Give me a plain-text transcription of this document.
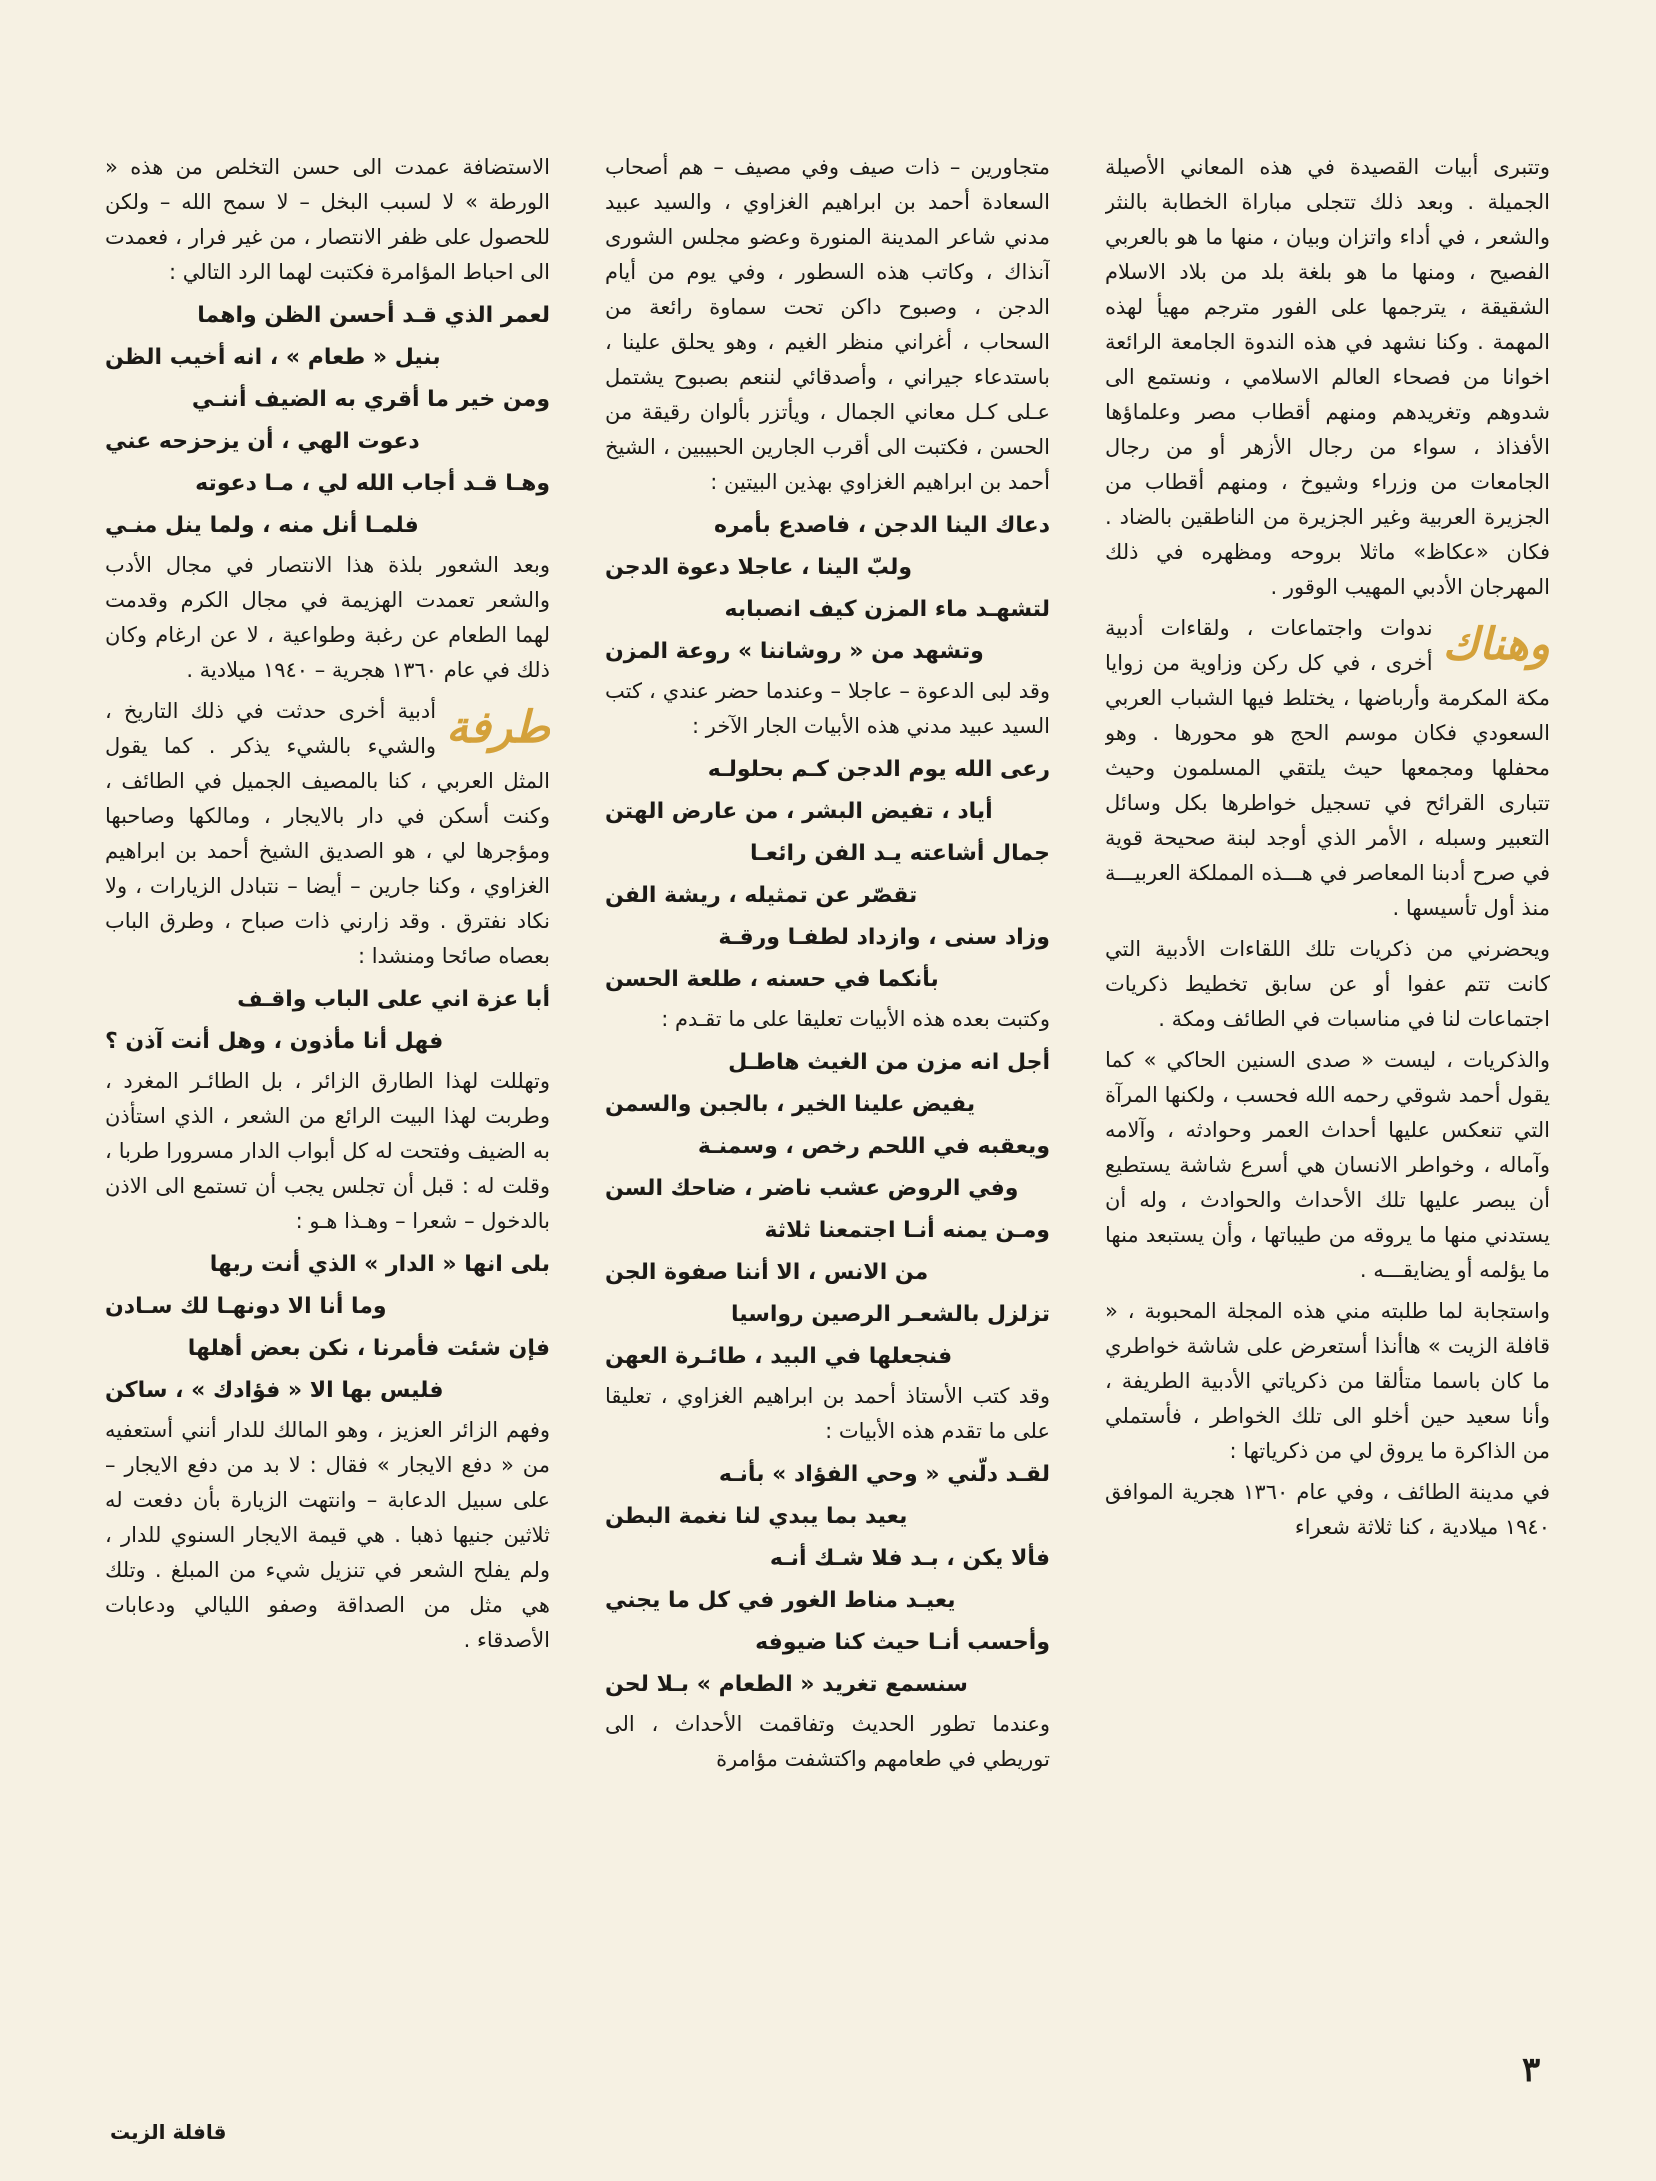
وتتبرى أبيات القصيدة في هذه المعاني الأصيلة الجميلة . وبعد ذلك تتجلى مباراة الخطابة بالنثر والشعر ، في أداء واتزان وبيان ، منها ما هو بالعربي الفصيح ، ومنها ما هو بلغة بلد من بلاد الاسلام الشقيقة ، يترجمها على الفور مترجم مهيأ لهذه المهمة . وكنا نشهد في هذه الندوة الجامعة الرائعة اخوانا من فصحاء العالم الاسلامي ، ونستمع الى شدوهم وتغريدهم ومنهم أقطاب مصر وعلماؤها الأفذاذ ، سواء من رجال الأزهر أو من رجال الجامعات من وزراء وشيوخ ، ومنهم أقطاب من الجزيرة العربية وغير الجزيرة من الناطقين بالضاد . فكان «عكاظ» ماثلا بروحه ومظهره في ذلك المهرجان الأدبي المهيب الوقور .

وهناك

ندوات واجتماعات ، ولقاءات أدبية أخرى ، في كل ركن وزاوية من زوايا مكة المكرمة وأرباضها ، يختلط فيها الشباب العربي السعودي فكان موسم الحج هو محورها . وهو محفلها ومجمعها حيث يلتقي المسلمون وحيث تتبارى القرائح في تسجيل خواطرها بكل وسائل التعبير وسبله ، الأمر الذي أوجد لبنة صحيحة قوية في صرح أدبنا المعاصر في هـــذه المملكة العربيـــة منذ أول تأسيسها .

ويحضرني من ذكريات تلك اللقاءات الأدبية التي كانت تتم عفوا أو عن سابق تخطيط ذكريات اجتماعات لنا في مناسبات في الطائف ومكة .

والذكريات ، ليست « صدى السنين الحاكي » كما يقول أحمد شوقي رحمه الله فحسب ، ولكنها المرآة التي تنعكس عليها أحداث العمر وحوادثه ، وآلامه وآماله ، وخواطر الانسان هي أسرع شاشة يستطيع أن يبصر عليها تلك الأحداث والحوادث ، وله أن يستدني منها ما يروقه من طيباتها ، وأن يستبعد منها ما يؤلمه أو يضايقـــه .

واستجابة لما طلبته مني هذه المجلة المحبوبة ، « قافلة الزيت » هاأنذا أستعرض على شاشة خواطري ما كان باسما متألقا من ذكرياتي الأدبية الطريفة ، وأنا سعيد حين أخلو الى تلك الخواطر ، فأستملي من الذاكرة ما يروق لي من ذكرياتها :

في مدينة الطائف ، وفي عام ١٣٦٠ هجرية الموافق ١٩٤٠ ميلادية ، كنا ثلاثة شعراء

متجاورين – ذات صيف وفي مصيف – هم أصحاب السعادة أحمد بن ابراهيم الغزاوي ، والسيد عبيد مدني شاعر المدينة المنورة وعضو مجلس الشورى آنذاك ، وكاتب هذه السطور ، وفي يوم من أيام الدجن ، وصبوح داكن تحت سماوة رائعة من السحاب ، أغراني منظر الغيم ، وهو يحلق علينا ، باستدعاء جيراني ، وأصدقائي لننعم بصبوح يشتمل عـلى كـل معاني الجمال ، ويأتزر بألوان رقيقة من الحسن ، فكتبت الى أقرب الجارين الحبيبين ، الشيخ أحمد بن ابراهيم الغزاوي بهذين البيتين :

دعاك الينا الدجن ، فاصدع بأمره
ولبّ الينا ، عاجلا دعوة الدجن
لتشهـد ماء المزن كيف انصبابه
وتشهد من « روشاننا » روعة المزن

وقد لبى الدعوة – عاجلا – وعندما حضر عندي ، كتب السيد عبيد مدني هذه الأبيات الجار الآخر :

رعى الله يوم الدجن كـم بحلولـه
أياد ، تفيض البشر ، من عارض الهتن
جمال أشاعته يـد الفن رائعـا
تقصّر عن تمثيله ، ريشة الفن
وزاد سنى ، وازداد لطفـا ورقـة
بأنكما في حسنه ، طلعة الحسن

وكتبت بعده هذه الأبيات تعليقا على ما تقـدم :

أجل انه مزن من الغيث هاطـل
يفيض علينا الخير ، بالجبن والسمن
ويعقبه في اللحم رخص ، وسمنـة
وفي الروض عشب ناضر ، ضاحك السن
ومـن يمنه أنـا اجتمعنا ثلاثة
من الانس ، الا أننا صفوة الجن
تزلزل بالشعـر الرصين رواسيا
فنجعلها في البيد ، طائـرة العهن

وقد كتب الأستاذ أحمد بن ابراهيم الغزاوي ، تعليقا على ما تقدم هذه الأبيات :

لقـد دلّني « وحي الفؤاد » بأنـه
يعيد بما يبدي لنا نغمة البطن
فألا يكن ، بـد فلا شـك أنـه
يعيـد مناط الغور في كل ما يجني
وأحسب أنـا حيث كنا ضيوفه
سنسمع تغريد « الطعام » بـلا لحن

وعندما تطور الحديث وتفاقمت الأحداث ، الى توريطي في طعامهم واكتشفت مؤامرة

الاستضافة عمدت الى حسن التخلص من هذه « الورطة » لا لسبب البخل – لا سمح الله – ولكن للحصول على ظفر الانتصار ، من غير فرار ، فعمدت الى احباط المؤامرة فكتبت لهما الرد التالي :

لعمر الذي قـد أحسن الظن واهما
بنيل « طعام » ، انه أخيب الظن
ومن خير ما أقري به الضيف أننـي
دعوت الهي ، أن يزحزحه عني
وهـا قـد أجاب الله لي ، مـا دعوته
فلمـا أنل منه ، ولما ينل منـي

وبعد الشعور بلذة هذا الانتصار في مجال الأدب والشعر تعمدت الهزيمة في مجال الكرم وقدمت لهما الطعام عن رغبة وطواعية ، لا عن ارغام وكان ذلك في عام ١٣٦٠ هجرية – ١٩٤٠ ميلادية .

طرفة

أدبية أخرى حدثت في ذلك التاريخ ، والشيء بالشيء يذكر . كما يقول المثل العربي ، كنا بالمصيف الجميل في الطائف ، وكنت أسكن في دار بالايجار ، ومالكها وصاحبها ومؤجرها لي ، هو الصديق الشيخ أحمد بن ابراهيم الغزاوي ، وكنا جارين – أيضا – نتبادل الزيارات ، ولا نكاد نفترق . وقد زارني ذات صباح ، وطرق الباب بعصاه صائحا ومنشدا :

أبا عزة اني على الباب واقـف
فهل أنا مأذون ، وهل أنت آذن ؟

وتهللت لهذا الطارق الزائر ، بل الطائـر المغرد ، وطربت لهذا البيت الرائع من الشعر ، الذي استأذن به الضيف وفتحت له كل أبواب الدار مسرورا طربا ، وقلت له : قبل أن تجلس يجب أن تستمع الى الاذن بالدخول – شعرا – وهـذا هـو :

بلى انها « الدار » الذي أنت ربها
وما أنا الا دونهـا لك سـادن
فإن شئت فأمرنا ، نكن بعض أهلها
فليس بها الا « فؤادك » ، ساكن

وفهم الزائر العزيز ، وهو المالك للدار أنني أستعفيه من « دفع الايجار » فقال : لا بد من دفع الايجار – على سبيل الدعابة – وانتهت الزيارة بأن دفعت له ثلاثين جنيها ذهبا . هي قيمة الايجار السنوي للدار ، ولم يفلح الشعر في تنزيل شيء من المبلغ . وتلك هي مثل من الصداقة وصفو الليالي ودعابات الأصدقاء .

٣
قافلة الزيت
